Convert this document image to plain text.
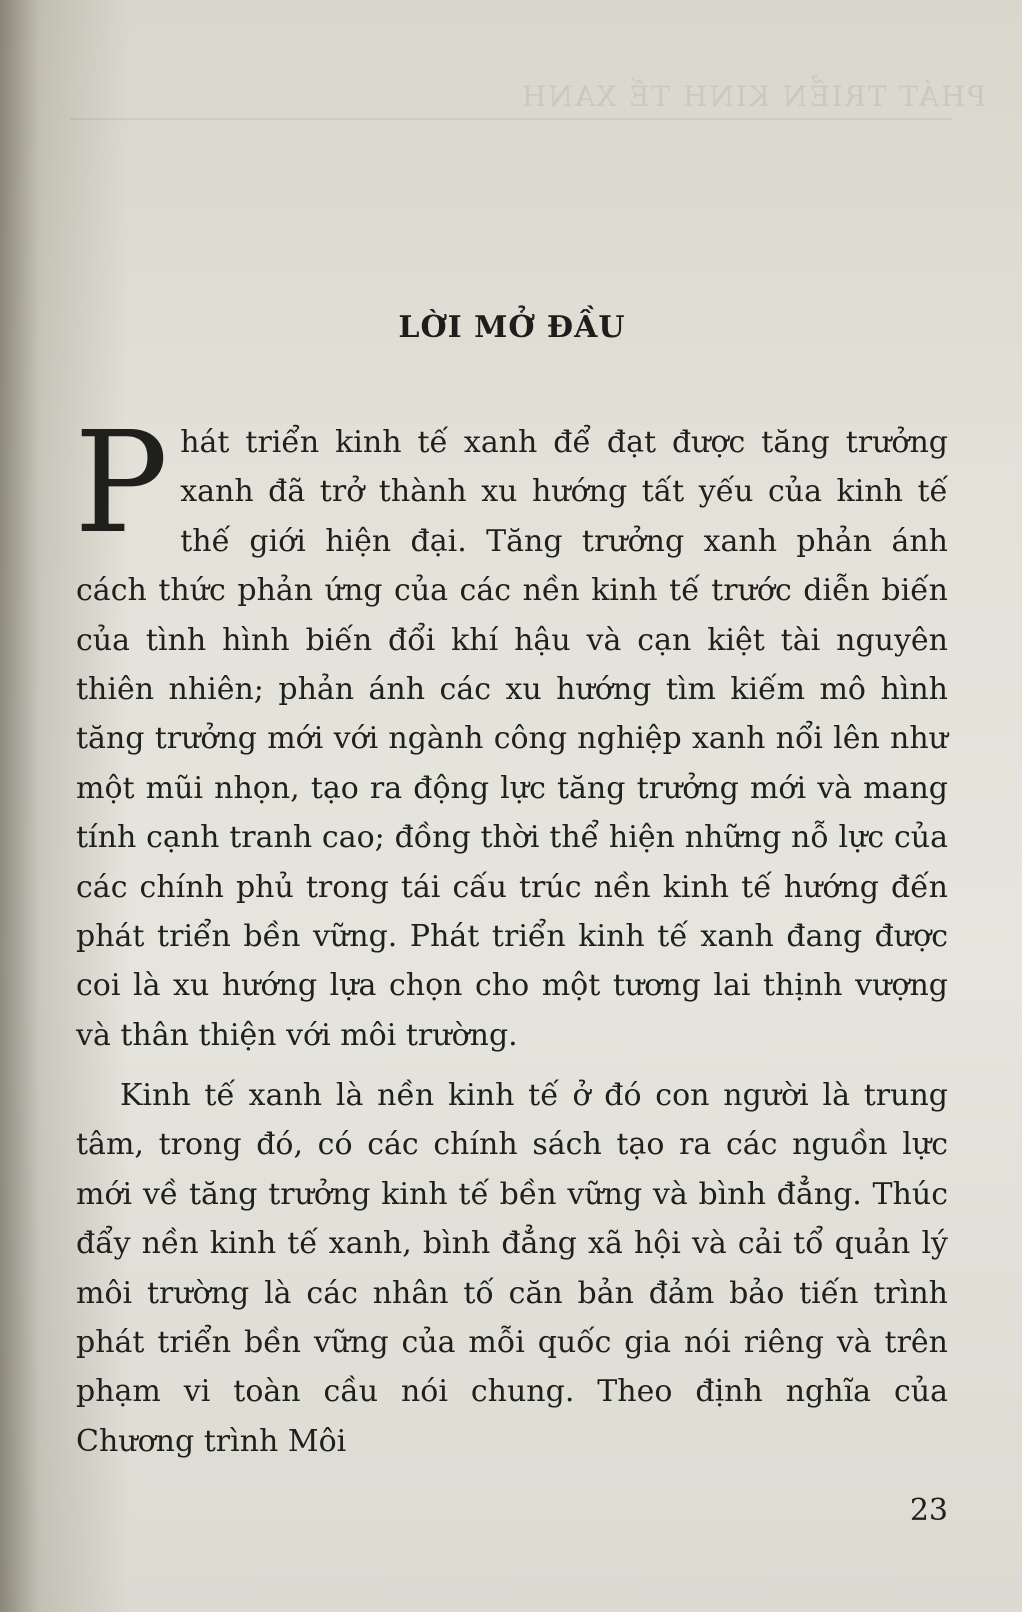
PHÁT TRIỂN KINH TẾ XANH
LỜI MỞ ĐẦU

Phát triển kinh tế xanh để đạt được tăng trưởng xanh đã trở thành xu hướng tất yếu của kinh tế thế giới hiện đại. Tăng trưởng xanh phản ánh cách thức phản ứng của các nền kinh tế trước diễn biến của tình hình biến đổi khí hậu và cạn kiệt tài nguyên thiên nhiên; phản ánh các xu hướng tìm kiếm mô hình tăng trưởng mới với ngành công nghiệp xanh nổi lên như một mũi nhọn, tạo ra động lực tăng trưởng mới và mang tính cạnh tranh cao; đồng thời thể hiện những nỗ lực của các chính phủ trong tái cấu trúc nền kinh tế hướng đến phát triển bền vững. Phát triển kinh tế xanh đang được coi là xu hướng lựa chọn cho một tương lai thịnh vượng và thân thiện với môi trường.

Kinh tế xanh là nền kinh tế ở đó con người là trung tâm, trong đó, có các chính sách tạo ra các nguồn lực mới về tăng trưởng kinh tế bền vững và bình đẳng. Thúc đẩy nền kinh tế xanh, bình đẳng xã hội và cải tổ quản lý môi trường là các nhân tố căn bản đảm bảo tiến trình phát triển bền vững của mỗi quốc gia nói riêng và trên phạm vi toàn cầu nói chung. Theo định nghĩa của Chương trình Môi

23
